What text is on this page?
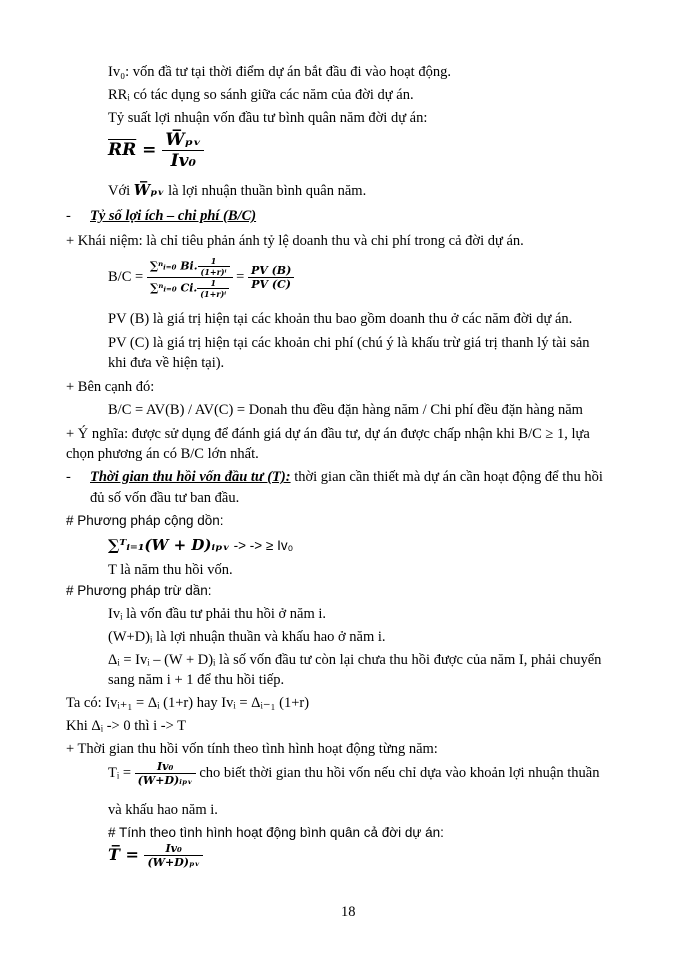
Iv₀: vốn đầ tư tại thời điểm dự án bắt đầu đi vào hoạt động.
RRᵢ có tác dụng so sánh giữa các năm của đời dự án.
Tỷ suất lợi nhuận vốn đầu tư bình quân năm đời dự án:
$\overline{RR} = \frac{\text{W̅ₚᵥ}}{\text{Iv₀}}$
Với W̅ₚᵥ là lợi nhuận thuần bình quân năm.
- Tỷ số lợi ích – chi phí (B/C)
+ Khái niệm: là chỉ tiêu phản ánh tỷ lệ doanh thu và chi phí trong cả đời dự án.
$B/C = \frac{\sum^nᵢ_{=0} Bi. \frac{1}{\text{(1+r)ⁱ}}}{\sum^nᵢ_{=0} Ci. \frac{1}{\text{(1+r)ⁱ}}} = \frac{PV (B)}{PV (C)}$
PV (B) là giá trị hiện tại các khoản thu bao gồm doanh thu ở các năm đời dự án.
PV (C) là giá trị hiện tại các khoản chi phí (chú ý là khấu trừ giá trị thanh lý tài sản
khi đưa về hiện tại).
+ Bên cạnh đó:
B/C = AV(B) / AV(C) = Donah thu đều đặn hàng năm / Chi phí đều đặn hàng năm
+ Ý nghĩa: được sử dụng để đánh giá dự án đầu tư, dự án được chấp nhận khi B/C ≥ 1, lựa
chọn phương án có B/C lớn nhất.
- Thời gian thu hồi vốn đầu tư (T): thời gian cần thiết mà dự án cần hoạt động để thu hồi
đủ số vốn đầu tư ban đầu.
# Phương pháp cộng dồn:
∑ᵀᵢ₌₁(W + D)ᵢₚᵥ -> -> ≥ Iv₀
T là năm thu hồi vốn.
# Phương pháp trừ dần:
Ivᵢ là vốn đầu tư phải thu hồi ở năm i.
(W+D)ᵢ là lợi nhuận thuần và khấu hao ở năm i.
Δᵢ = Ivᵢ – (W + D)ᵢ là số vốn đầu tư còn lại chưa thu hồi được của năm I, phải chuyển
sang năm i + 1 để thu hồi tiếp.
Ta có: Ivᵢ₊₁ = Δᵢ (1+r) hay Ivᵢ = Δᵢ₋₁ (1+r)
Khi Δᵢ -> 0 thì i -> T
+ Thời gian thu hồi vốn tính theo tình hình hoạt động từng năm:
Tᵢ = $\frac{\text{Iv₀}}{\text{(W+D)ᵢₚᵥ}}$ cho biết thời gian thu hồi vốn nếu chỉ dựa vào khoản lợi nhuận thuần
và khấu hao năm i.
# Tính theo tình hình hoạt động bình quân cả đời dự án:
T̅ = $\frac{\text{Iv₀}}{\text{(W+D)ₚᵥ}}$
18
